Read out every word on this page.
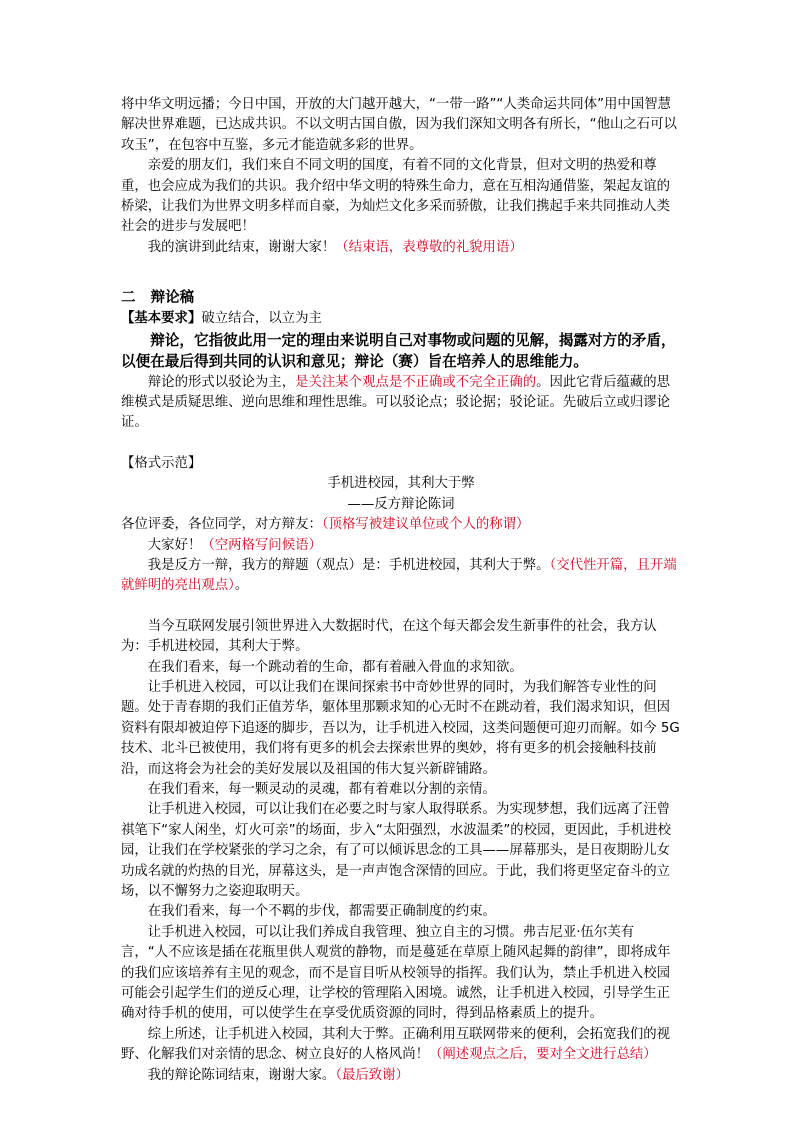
将中华文明远播；今日中国，开放的大门越开越大，“一带一路”“人类命运共同体”用中国智慧解决世界难题，已达成共识。不以文明古国自傲，因为我们深知文明各有所长，“他山之石可以攻玉”，在包容中互鉴，多元才能造就多彩的世界。

亲爱的朋友们，我们来自不同文明的国度，有着不同的文化背景，但对文明的热爱和尊重，也会应成为我们的共识。我介绍中华文明的特殊生命力，意在互相沟通借鉴，架起友谊的桥梁，让我们为世界文明多样而自豪，为灿烂文化多采而骄傲，让我们携起手来共同推动人类社会的进步与发展吧！

我的演讲到此结束，谢谢大家！（结束语，表尊敬的礼貌用语）

二 辩论稿

【基本要求】破立结合，以立为主

辩论，它指彼此用一定的理由来说明自己对事物或问题的见解，揭露对方的矛盾，以便在最后得到共同的认识和意见；辩论（赛）旨在培养人的思维能力。

辩论的形式以驳论为主，是关注某个观点是不正确或不完全正确的。因此它背后蕴藏的思维模式是质疑思维、逆向思维和理性思维。可以驳论点；驳论据；驳论证。先破后立或归谬论证。

【格式示范】

手机进校园，其利大于弊

——反方辩论陈词

各位评委，各位同学，对方辩友：（顶格写被建议单位或个人的称谓）

大家好！（空两格写问候语）

我是反方一辩，我方的辩题（观点）是：手机进校园，其利大于弊。（交代性开篇，且开端就鲜明的亮出观点）。

当今互联网发展引领世界进入大数据时代，在这个每天都会发生新事件的社会，我方认为：手机进校园，其利大于弊。

在我们看来，每一个跳动着的生命，都有着融入骨血的求知欲。

让手机进入校园，可以让我们在课间探索书中奇妙世界的同时，为我们解答专业性的问题。处于青春期的我们正值芳华，躯体里那颗求知的心无时不在跳动着，我们渴求知识，但因资料有限却被迫停下追逐的脚步，吾以为，让手机进入校园，这类问题便可迎刃而解。如今 5G 技术、北斗已被使用，我们将有更多的机会去探索世界的奥妙，将有更多的机会接触科技前沿，而这将会为社会的美好发展以及祖国的伟大复兴新辟铺路。

在我们看来，每一颗灵动的灵魂，都有着难以分割的亲情。

让手机进入校园，可以让我们在必要之时与家人取得联系。为实现梦想，我们远离了汪曾祺笔下“家人闲坐，灯火可亲”的场面，步入“太阳强烈，水波温柔”的校园，更因此，手机进校园，让我们在学校紧张的学习之余，有了可以倾诉思念的工具——屏幕那头，是日夜期盼儿女功成名就的灼热的目光，屏幕这头，是一声声饱含深情的回应。于此，我们将更坚定奋斗的立场，以不懈努力之姿迎取明天。

在我们看来，每一个不羁的步伐，都需要正确制度的约束。

让手机进入校园，可以让我们养成自我管理、独立自主的习惯。弗吉尼亚·伍尔芙有言，“人不应该是插在花瓶里供人观赏的静物，而是蔓延在草原上随风起舞的韵律”，即将成年的我们应该培养有主见的观念，而不是盲目听从校领导的指挥。我们认为，禁止手机进入校园可能会引起学生们的逆反心理，让学校的管理陷入困境。诚然，让手机进入校园，引导学生正确对待手机的使用，可以使学生在享受优质资源的同时，得到品格素质上的提升。

综上所述，让手机进入校园，其利大于弊。正确利用互联网带来的便利，会拓宽我们的视野、化解我们对亲情的思念、树立良好的人格风尚！（阐述观点之后，要对全文进行总结）

我的辩论陈词结束，谢谢大家。（最后致谢）
